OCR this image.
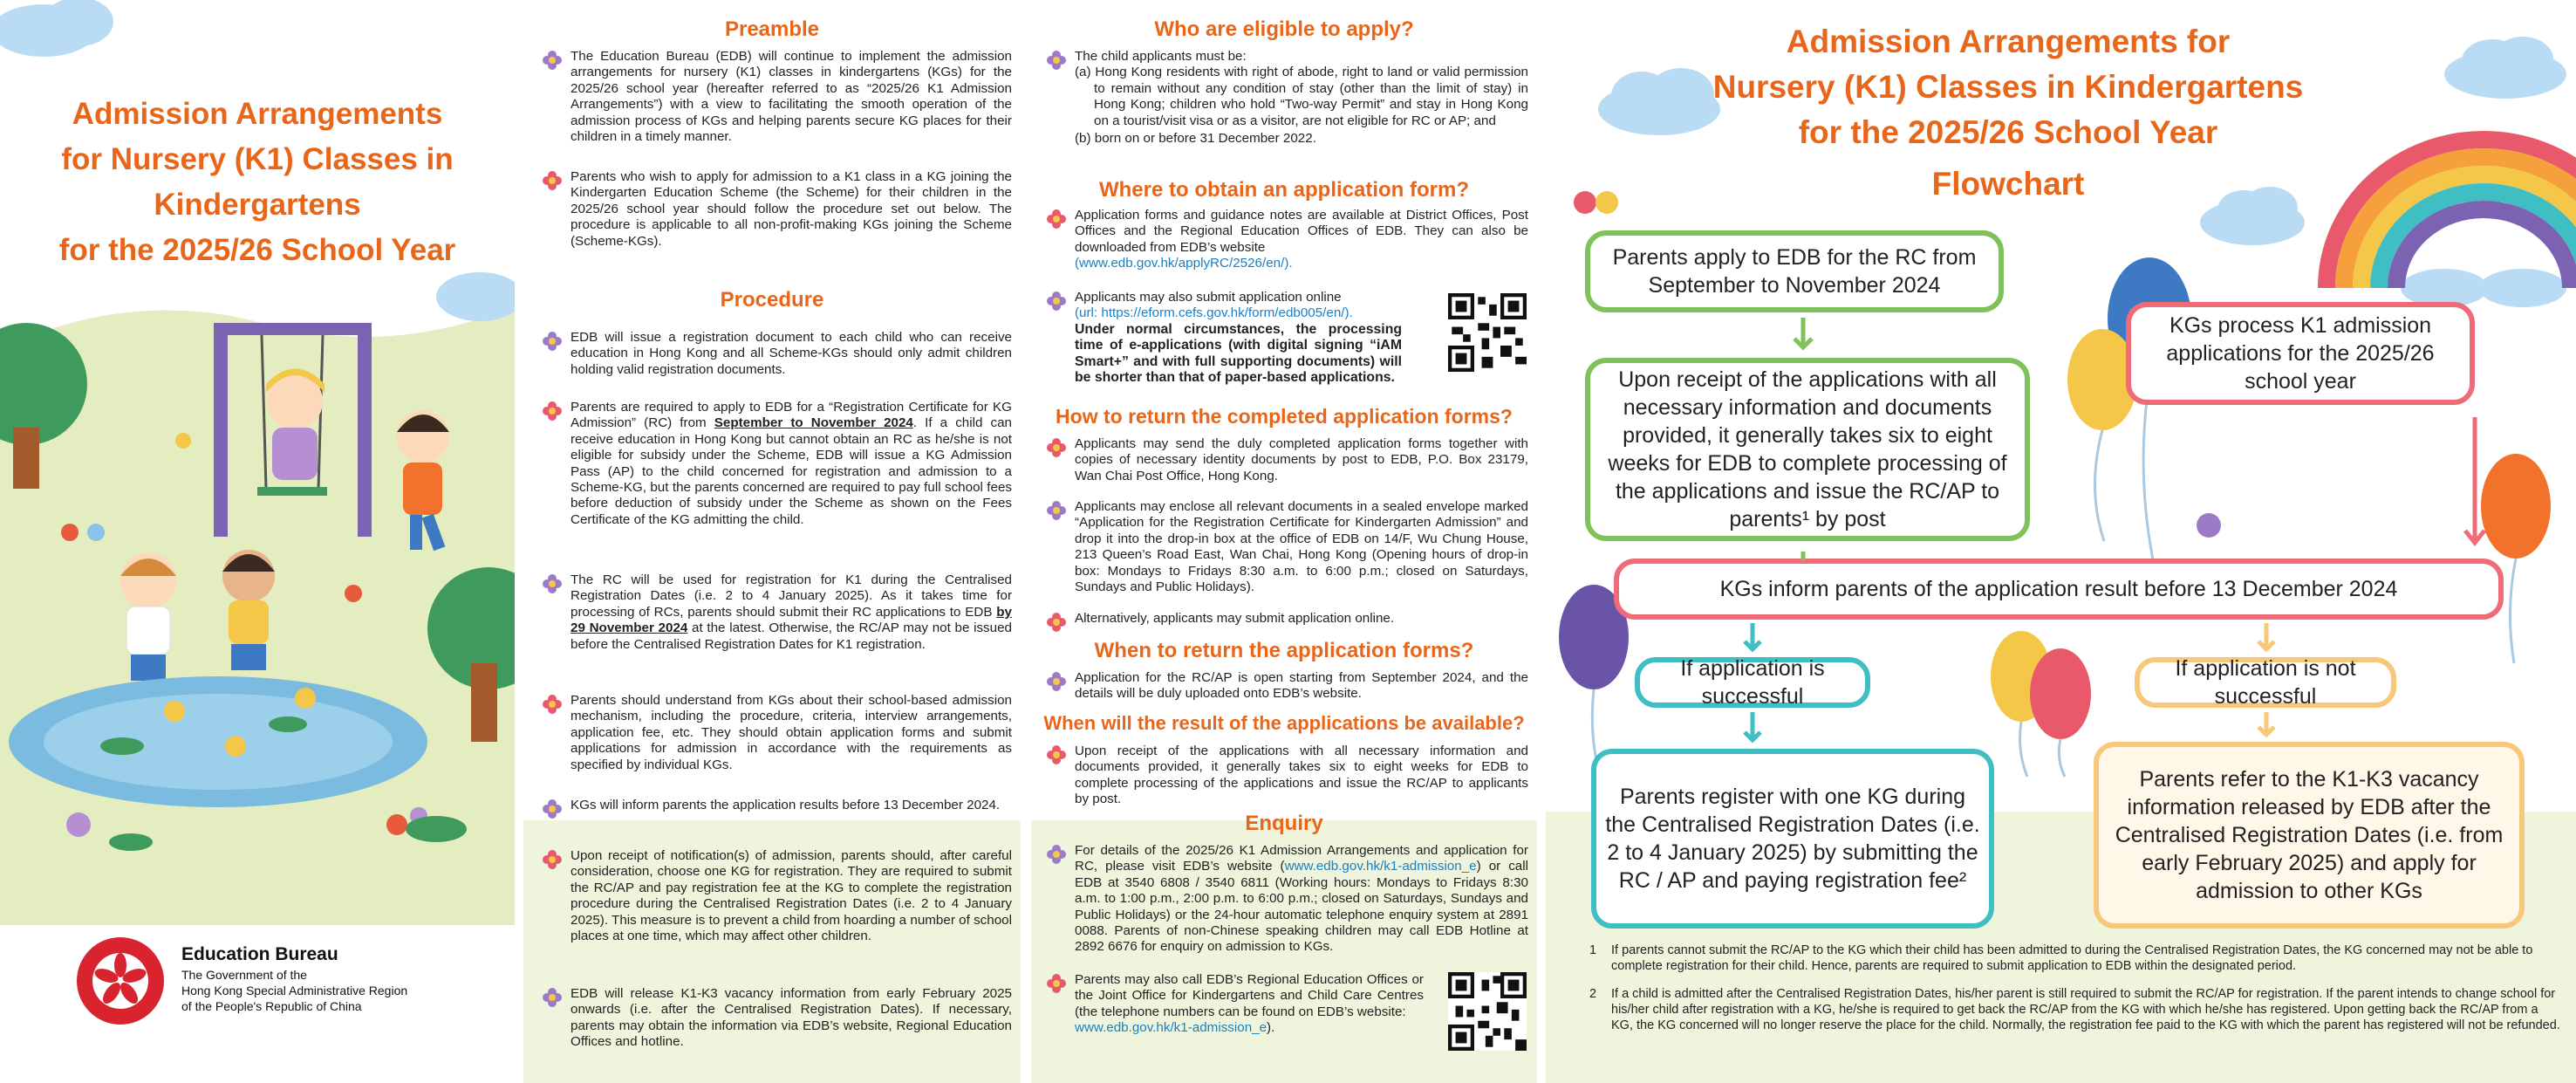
Admission Arrangements
for Nursery (K1) Classes in
Kindergartens
for the 2025/26 School Year
Education Bureau
The Government of the
Hong Kong Special Administrative Region
of the People's Republic of China
Preamble
The Education Bureau (EDB) will continue to implement the admission arrangements for nursery (K1) classes in kindergartens (KGs) for the 2025/26 school year (hereafter referred to as “2025/26 K1 Admission Arrangements”) with a view to facilitating the smooth operation of the admission process of KGs and helping parents secure KG places for their children in a timely manner.
Parents who wish to apply for admission to a K1 class in a KG joining the Kindergarten Education Scheme (the Scheme) for their children in the 2025/26 school year should follow the procedure set out below. The procedure is applicable to all non-profit-making KGs joining the Scheme (Scheme-KGs).
Procedure
EDB will issue a registration document to each child who can receive education in Hong Kong and all Scheme-KGs should only admit children holding valid registration documents.
Parents are required to apply to EDB for a “Registration Certificate for KG Admission” (RC) from September to November 2024. If a child can receive education in Hong Kong but cannot obtain an RC as he/she is not eligible for subsidy under the Scheme, EDB will issue a KG Admission Pass (AP) to the child concerned for registration and admission to a Scheme-KG, but the parents concerned are required to pay full school fees before deduction of subsidy under the Scheme as shown on the Fees Certificate of the KG admitting the child.
The RC will be used for registration for K1 during the Centralised Registration Dates (i.e. 2 to 4 January 2025). As it takes time for processing of RCs, parents should submit their RC applications to EDB by 29 November 2024 at the latest. Otherwise, the RC/AP may not be issued before the Centralised Registration Dates for K1 registration.
Parents should understand from KGs about their school-based admission mechanism, including the procedure, criteria, interview arrangements, application fee, etc. They should obtain application forms and submit applications for admission in accordance with the requirements as specified by individual KGs.
KGs will inform parents the application results before 13 December 2024.
Upon receipt of notification(s) of admission, parents should, after careful consideration, choose one KG for registration. They are required to submit the RC/AP and pay registration fee at the KG to complete the registration procedure during the Centralised Registration Dates (i.e. 2 to 4 January 2025). This measure is to prevent a child from hoarding a number of school places at one time, which may affect other children.
EDB will release K1-K3 vacancy information from early February 2025 onwards (i.e. after the Centralised Registration Dates). If necessary, parents may obtain the information via EDB’s website, Regional Education Offices and hotline.
Who are eligible to apply?
The child applicants must be:
(a) Hong Kong residents with right of abode, right to land or valid permission to remain without any condition of stay (other than the limit of stay) in Hong Kong; children who hold “Two-way Permit” and stay in Hong Kong on a tourist/visit visa or as a visitor, are not eligible for RC or AP; and
(b) born on or before 31 December 2022.
Where to obtain an application form?
Application forms and guidance notes are available at District Offices, Post Offices and the Regional Education Offices of EDB. They can also be downloaded from EDB’s website
(www.edb.gov.hk/applyRC/2526/en/).
Applicants may also submit application online
(url: https://eform.cefs.gov.hk/form/edb005/en/).
Under normal circumstances, the processing time of e-applications (with digital signing “iAM Smart+” and with full supporting documents) will be shorter than that of paper-based applications.
How to return the completed application forms?
Applicants may send the duly completed application forms together with copies of necessary identity documents by post to EDB, P.O. Box 23179, Wan Chai Post Office, Hong Kong.
Applicants may enclose all relevant documents in a sealed envelope marked “Application for the Registration Certificate for Kindergarten Admission” and drop it into the drop-in box at the office of EDB on 14/F, Wu Chung House, 213 Queen’s Road East, Wan Chai, Hong Kong (Opening hours of drop-in box: Mondays to Fridays 8:30 a.m. to 6:00 p.m.; closed on Saturdays, Sundays and Public Holidays).
Alternatively, applicants may submit application online.
When to return the application forms?
Application for the RC/AP is open starting from September 2024, and the details will be duly uploaded onto EDB’s website.
When will the result of the applications be available?
Upon receipt of the applications with all necessary information and documents provided, it generally takes six to eight weeks for EDB to complete processing of the applications and issue the RC/AP to applicants by post.
Enquiry
For details of the 2025/26 K1 Admission Arrangements and application for RC, please visit EDB’s website (www.edb.gov.hk/k1-admission_e) or call EDB at 3540 6808 / 3540 6811 (Working hours: Mondays to Fridays 8:30 a.m. to 1:00 p.m., 2:00 p.m. to 6:00 p.m.; closed on Saturdays, Sundays and Public Holidays) or the 24-hour automatic telephone enquiry system at 2891 0088. Parents of non-Chinese speaking children may call EDB Hotline at 2892 6676 for enquiry on admission to KGs.
Parents may also call EDB’s Regional Education Offices or the Joint Office for Kindergartens and Child Care Centres (the telephone numbers can be found on EDB’s website:
www.edb.gov.hk/k1-admission_e).
Admission Arrangements for
Nursery (K1) Classes in Kindergartens
for the 2025/26 School Year
Flowchart
Parents apply to EDB for the RC from September to November 2024
KGs process K1 admission applications for the 2025/26 school year
Upon receipt of the applications with all necessary information and documents provided, it generally takes six to eight weeks for EDB to complete processing of the applications and issue the RC/AP to parents¹ by post
KGs inform parents of the application result before 13 December 2024
If application is successful
If application is not successful
Parents register with one KG during the Centralised Registration Dates (i.e. 2 to 4 January 2025) by submitting the RC / AP and paying registration fee²
Parents refer to the K1-K3 vacancy information released by EDB after the Centralised Registration Dates (i.e. from early February 2025) and apply for admission to other KGs
1	If parents cannot submit the RC/AP to the KG which their child has been admitted to during the Centralised Registration Dates, the KG concerned may not be able to complete registration for their child. Hence, parents are required to submit application to EDB within the designated period.
2	If a child is admitted after the Centralised Registration Dates, his/her parent is still required to submit the RC/AP for registration. If the parent intends to change school for his/her child after registration with a KG, he/she is required to get back the RC/AP from the KG with which he/she has registered. Upon getting back the RC/AP from a KG, the KG concerned will no longer reserve the place for the child. Normally, the registration fee paid to the KG with which the parent has registered will not be refunded.
